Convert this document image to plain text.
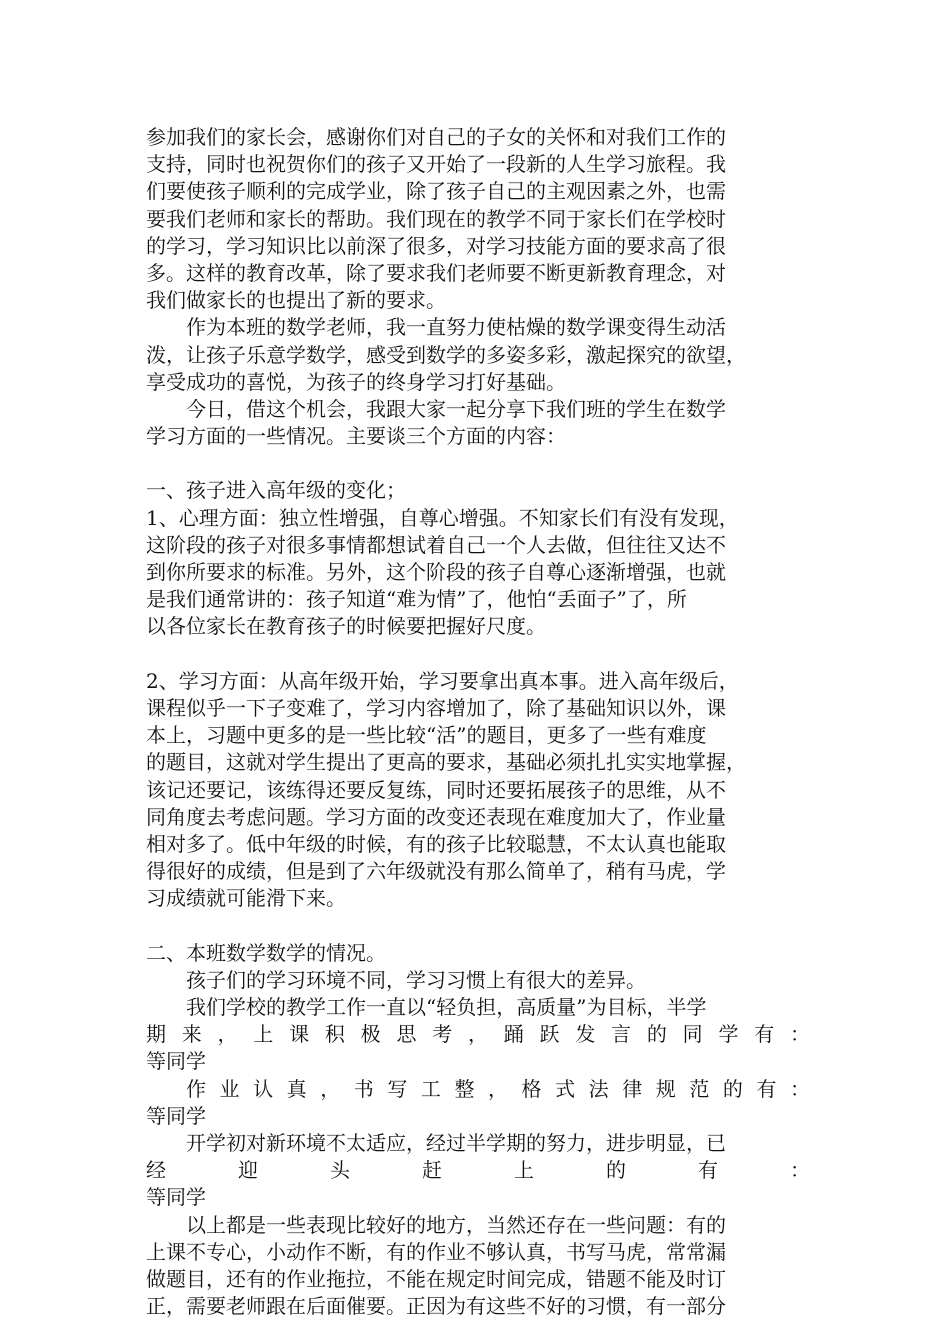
参加我们的家长会，感谢你们对自己的子女的关怀和对我们工作的
支持，同时也祝贺你们的孩子又开始了一段新的人生学习旅程。我
们要使孩子顺利的完成学业，除了孩子自己的主观因素之外，也需
要我们老师和家长的帮助。我们现在的教学不同于家长们在学校时
的学习，学习知识比以前深了很多，对学习技能方面的要求高了很
多。这样的教育改革，除了要求我们老师要不断更新教育理念，对
我们做家长的也提出了新的要求。
作为本班的数学老师，我一直努力使枯燥的数学课变得生动活
泼，让孩子乐意学数学，感受到数学的多姿多彩，激起探究的欲望，
享受成功的喜悦，为孩子的终身学习打好基础。
今日，借这个机会，我跟大家一起分享下我们班的学生在数学
学习方面的一些情况。主要谈三个方面的内容：
一、孩子进入高年级的变化；
1、心理方面：独立性增强，自尊心增强。不知家长们有没有发现，
这阶段的孩子对很多事情都想试着自己一个人去做，但往往又达不
到你所要求的标准。另外，这个阶段的孩子自尊心逐渐增强，也就
是我们通常讲的：孩子知道“难为情”了，他怕“丢面子”了，所
以各位家长在教育孩子的时候要把握好尺度。
2、学习方面：从高年级开始，学习要拿出真本事。进入高年级后，
课程似乎一下子变难了，学习内容增加了，除了基础知识以外，课
本上，习题中更多的是一些比较“活”的题目，更多了一些有难度
的题目，这就对学生提出了更高的要求，基础必须扎扎实实地掌握，
该记还要记，该练得还要反复练，同时还要拓展孩子的思维，从不
同角度去考虑问题。学习方面的改变还表现在难度加大了，作业量
相对多了。低中年级的时候，有的孩子比较聪慧，不太认真也能取
得很好的成绩，但是到了六年级就没有那么简单了，稍有马虎，学
习成绩就可能滑下来。
二、本班数学数学的情况。
孩子们的学习环境不同，学习习惯上有很大的差异。
我们学校的教学工作一直以“轻负担，高质量”为目标，半学
期来，上课积极思考，踊跃发言的同学有：
等同学
作业认真，书写工整，格式法律规范的有：
等同学
开学初对新环境不太适应，经过半学期的努力，进步明显，已
经迎头赶上的有：
等同学
以上都是一些表现比较好的地方，当然还存在一些问题：有的
上课不专心，小动作不断，有的作业不够认真，书写马虎，常常漏
做题目，还有的作业拖拉，不能在规定时间完成，错题不能及时订
正，需要老师跟在后面催要。正因为有这些不好的习惯，有一部分
